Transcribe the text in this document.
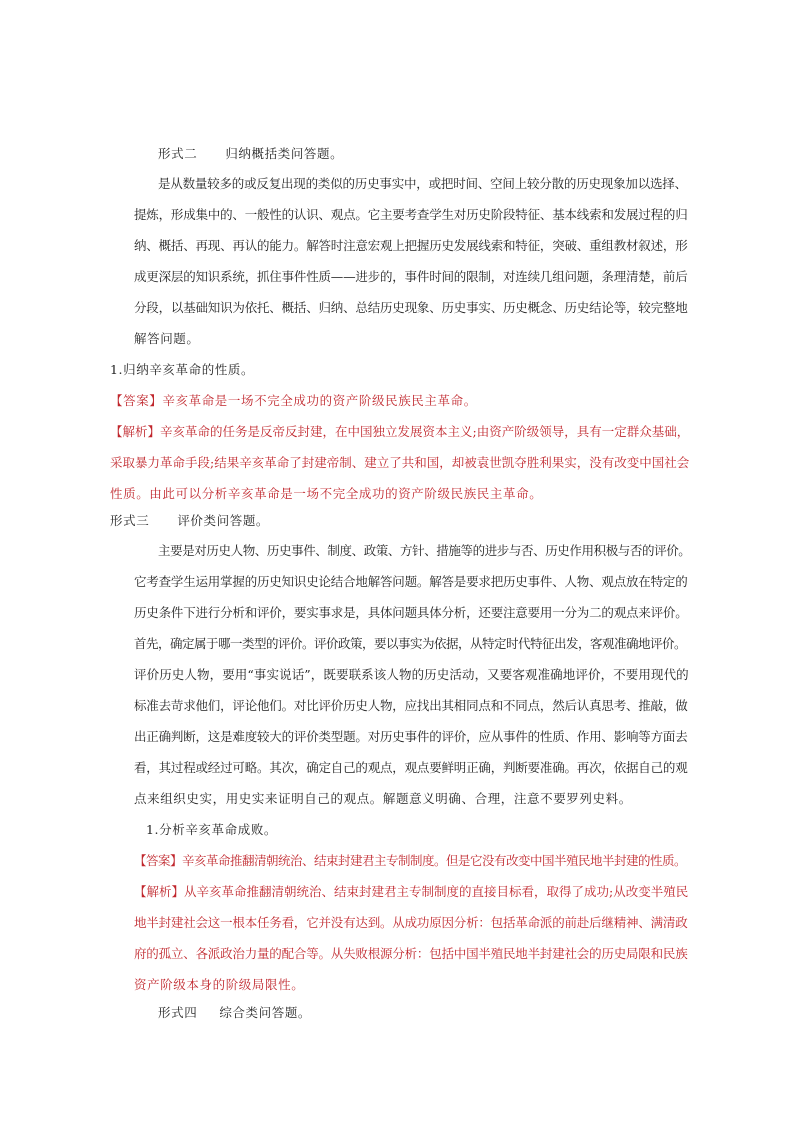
形式二 归纳概括类问答题。
是从数量较多的或反复出现的类似的历史事实中，或把时间、空间上较分散的历史现象加以选择、
提炼，形成集中的、一般性的认识、观点。它主要考查学生对历史阶段特征、基本线索和发展过程的归
纳、概括、再现、再认的能力。解答时注意宏观上把握历史发展线索和特征，突破、重组教材叙述，形
成更深层的知识系统，抓住事件性质——进步的，事件时间的限制，对连续几组问题，条理清楚，前后
分段，以基础知识为依托、概括、归纳、总结历史现象、历史事实、历史概念、历史结论等，较完整地
解答问题。
1.归纳辛亥革命的性质。
【答案】辛亥革命是一场不完全成功的资产阶级民族民主革命。
【解析】辛亥革命的任务是反帝反封建，在中国独立发展资本主义;由资产阶级领导，具有一定群众基础，
采取暴力革命手段;结果辛亥革命了封建帝制、建立了共和国，却被袁世凯夺胜利果实，没有改变中国社会
性质。由此可以分析辛亥革命是一场不完全成功的资产阶级民族民主革命。
形式三 评价类问答题。
主要是对历史人物、历史事件、制度、政策、方针、措施等的进步与否、历史作用积极与否的评价。
它考查学生运用掌握的历史知识史论结合地解答问题。解答是要求把历史事件、人物、观点放在特定的
历史条件下进行分析和评价，要实事求是，具体问题具体分析，还要注意要用一分为二的观点来评价。
首先，确定属于哪一类型的评价。评价政策，要以事实为依据，从特定时代特征出发，客观准确地评价。
评价历史人物，要用“事实说话”，既要联系该人物的历史活动，又要客观准确地评价，不要用现代的
标准去苛求他们，评论他们。对比评价历史人物，应找出其相同点和不同点，然后认真思考、推敲，做
出正确判断，这是难度较大的评价类型题。对历史事件的评价，应从事件的性质、作用、影响等方面去
看，其过程或经过可略。其次，确定自己的观点，观点要鲜明正确，判断要准确。再次，依据自己的观
点来组织史实，用史实来证明自己的观点。解题意义明确、合理，注意不要罗列史料。
1.分析辛亥革命成败。
【答案】辛亥革命推翻清朝统治、结束封建君主专制制度。但是它没有改变中国半殖民地半封建的性质。
【解析】从辛亥革命推翻清朝统治、结束封建君主专制制度的直接目标看，取得了成功;从改变半殖民
地半封建社会这一根本任务看，它并没有达到。从成功原因分析：包括革命派的前赴后继精神、满清政
府的孤立、各派政治力量的配合等。从失败根源分析：包括中国半殖民地半封建社会的历史局限和民族
资产阶级本身的阶级局限性。
形式四 综合类问答题。
